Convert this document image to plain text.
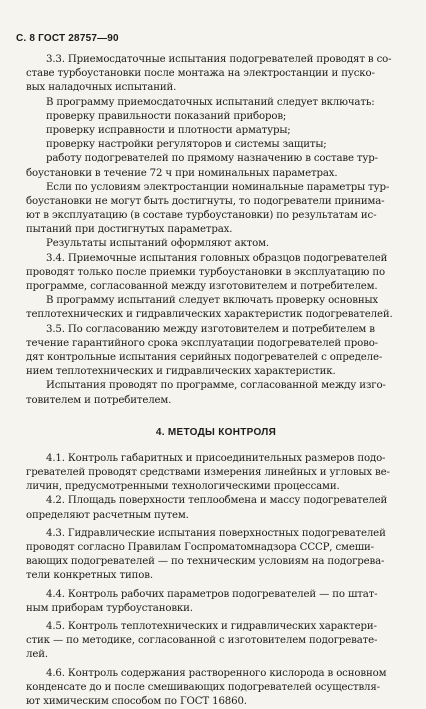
С. 8 ГОСТ 28757—90
3.3. Приемосдаточные испытания подогревателей проводят в со-
ставе турбоустановки после монтажа на электростанции и пуско-
вых наладочных испытаний.
В программу приемосдаточных испытаний следует включать:
проверку правильности показаний приборов;
проверку исправности и плотности арматуры;
проверку настройки регуляторов и системы защиты;
работу подогревателей по прямому назначению в составе тур-
боустановки в течение 72 ч при номинальных параметрах.
Если по условиям электростанции номинальные параметры тур-
боустановки не могут быть достигнуты, то подогреватели принима-
ют в эксплуатацию (в составе турбоустановки) по результатам ис-
пытаний при достигнутых параметрах.
Результаты испытаний оформляют актом.
3.4. Приемочные испытания головных образцов подогревателей
проводят только после приемки турбоустановки в эксплуатацию по
программе, согласованной между изготовителем и потребителем.
В программу испытаний следует включать проверку основных
теплотехнических и гидравлических характеристик подогревателей.
3.5. По согласованию между изготовителем и потребителем в
течение гарантийного срока эксплуатации подогревателей прово-
дят контрольные испытания серийных подогревателей с определе-
нием теплотехнических и гидравлических характеристик.
Испытания проводят по программе, согласованной между изго-
товителем и потребителем.
4. МЕТОДЫ КОНТРОЛЯ
4.1. Контроль габаритных и присоединительных размеров подо-
гревателей проводят средствами измерения линейных и угловых ве-
личин, предусмотренными технологическими процессами.
4.2. Площадь поверхности теплообмена и массу подогревателей
определяют расчетным путем.
4.3. Гидравлические испытания поверхностных подогревателей
проводят согласно Правилам Госпроматомнадзора СССР, смеши-
вающих подогревателей — по техническим условиям на подогрева-
тели конкретных типов.
4.4. Контроль рабочих параметров подогревателей — по штат-
ным приборам турбоустановки.
4.5. Контроль теплотехнических и гидравлических характери-
стик — по методике, согласованной с изготовителем подогревате-
лей.
4.6. Контроль содержания растворенного кислорода в основном
конденсате до и после смешивающих подогревателей осуществля-
ют химическим способом по ГОСТ 16860.
